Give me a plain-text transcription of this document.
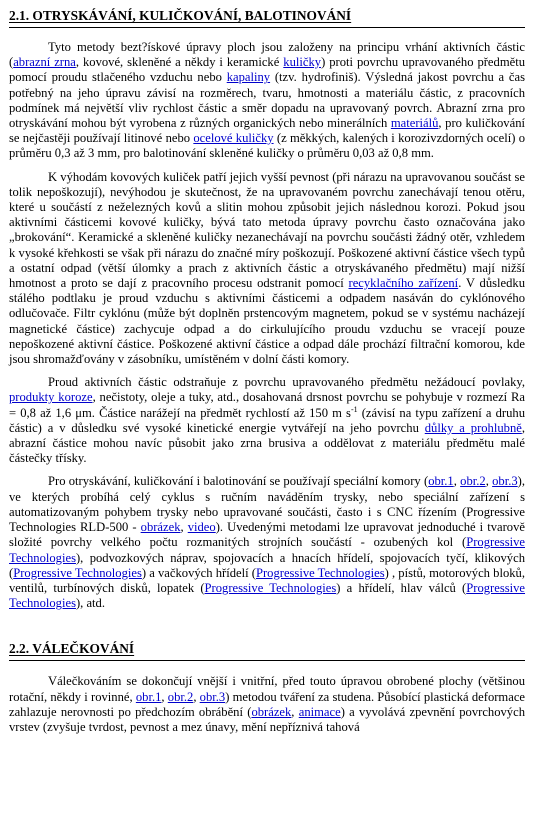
2.1. OTRYSKÁVÁNÍ, KULIČKOVÁNÍ, BALOTINOVÁNÍ

Tyto metody bezt?ískové úpravy ploch jsou založeny na principu vrhání aktivních částic (abrazní zrna, kovové, skleněné a někdy i keramické kuličky) proti povrchu upravovaného předmětu pomocí proudu stlačeného vzduchu nebo kapaliny (tzv. hydrofiniš). Výsledná jakost povrchu a čas potřebný na jeho úpravu závisí na rozměrech, tvaru, hmotnosti a materiálu částic, z pracovních podmínek má největší vliv rychlost částic a směr dopadu na upravovaný povrch. Abrazní zrna pro otryskávání mohou být vyrobena z různých organických nebo minerálních materiálů, pro kuličkování se nejčastěji používají litinové nebo ocelové kuličky (z měkkých, kalených i korozivzdorných ocelí) o průměru 0,3 až 3 mm, pro balotinování skleněné kuličky o průměru 0,03 až 0,8 mm.

K výhodám kovových kuliček patří jejich vyšší pevnost (při nárazu na upravovanou součást se tolik nepoškozují), nevýhodou je skutečnost, že na upravovaném povrchu zanechávají tenou otěru, které u součástí z neželezných kovů a slitin mohou způsobit jejich následnou korozi. Pokud jsou aktivními částicemi kovové kuličky, bývá tato metoda úpravy povrchu často označována jako „brokování“. Keramické a skleněné kuličky nezanechávají na povrchu součásti žádný otěr, vzhledem k vysoké křehkosti se však při nárazu do značné míry poškozují. Poškozené aktivní částice všech typů a ostatní odpad (větší úlomky a prach z aktivních částic a otryskávaného předmětu) mají nižší hmotnost a proto se dají z pracovního procesu odstranit pomocí recyklačního zařízení. V důsledku stálého podtlaku je proud vzduchu s aktivními částicemi a odpadem nasáván do cyklónového odlučovače. Filtr cyklónu (může být doplněn prstencovým magnetem, pokud se v systému nacházejí magnetické částice) zachycuje odpad a do cirkulujícího proudu vzduchu se vracejí pouze nepoškozené aktivní částice. Poškozené aktivní částice a odpad dále prochází filtrační komorou, kde jsou shromažďovány v zásobníku, umístěném v dolní části komory.

Proud aktivních částic odstraňuje z povrchu upravovaného předmětu nežádoucí povlaky, produkty koroze, nečistoty, oleje a tuky, atd., dosahovaná drsnost povrchu se pohybuje v rozmezí Ra = 0,8 až 1,6 μm. Částice narážejí na předmět rychlostí až 150 m $s^{-1}$ (závisí na typu zařízení a druhu částic) a v důsledku své vysoké kinetické energie vytvářejí na jeho povrchu důlky a prohlubně, abrazní částice mohou navíc působit jako zrna brusiva a oddělovat z materiálu předmětu malé částečky třísky.

Pro otryskávání, kuličkování i balotinování se používají speciální komory (obr.1, obr.2, obr.3), ve kterých probíhá celý cyklus s ručním naváděním trysky, nebo speciální zařízení s automatizovaným pohybem trysky nebo upravované součásti, často i s CNC řízením (Progressive Technologies RLD-500 - obrázek, video). Uvedenými metodami lze upravovat jednoduché i tvarově složité povrchy velkého počtu rozmanitých strojních součástí - ozubených kol (Progressive Technologies), podvozkových náprav, spojovacích a hnacích hřídelí, spojovacích tyčí, klikových (Progressive Technologies) a vačkových hřídelí (Progressive Technologies) , pístů, motorových bloků, ventilů, turbínových disků, lopatek (Progressive Technologies) a hřídelí, hlav válců (Progressive Technologies), atd.

2.2. VÁLEČKOVÁNÍ

Válečkováním se dokončují vnější i vnitřní, před touto úpravou obrobené plochy (většinou rotační, někdy i rovinné, obr.1, obr.2, obr.3) metodou tváření za studena. Působící plastická deformace zahlazuje nerovnosti po předchozím obrábění (obrázek, animace) a vyvolává zpevnění povrchových vrstev (zvyšuje tvrdost, pevnost a mez únavy, mění nepříznivá tahová
